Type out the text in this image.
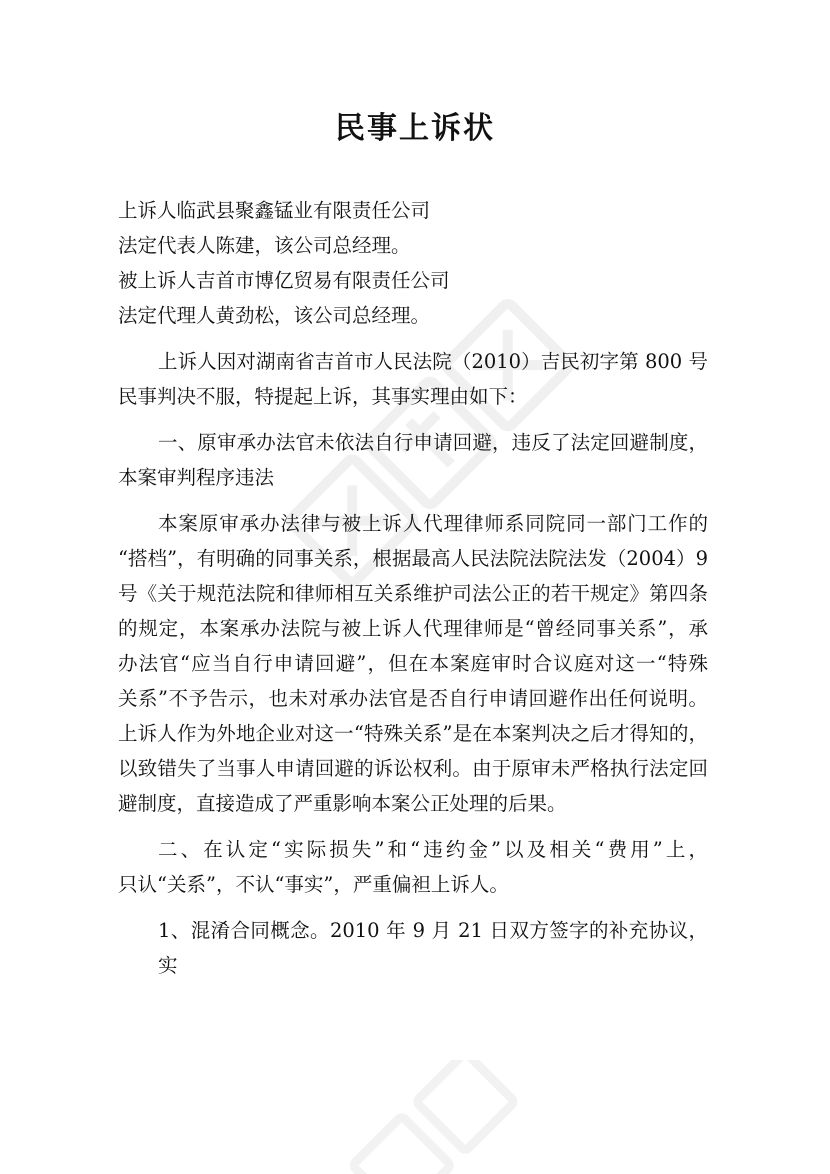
觅知网
民事上诉状

上诉人临武县聚鑫锰业有限责任公司

法定代表人陈建，该公司总经理。

被上诉人吉首市博亿贸易有限责任公司

法定代理人黄劲松，该公司总经理。

上诉人因对湖南省吉首市人民法院（2010）吉民初字第 800 号

民事判决不服，特提起上诉，其事实理由如下：

一、原审承办法官未依法自行申请回避，违反了法定回避制度，

本案审判程序违法

本案原审承办法律与被上诉人代理律师系同院同一部门工作的

“搭档”，有明确的同事关系，根据最高人民法院法院法发（2004）9

号《关于规范法院和律师相互关系维护司法公正的若干规定》第四条

的规定，本案承办法院与被上诉人代理律师是“曾经同事关系”，承

办法官“应当自行申请回避”，但在本案庭审时合议庭对这一“特殊

关系”不予告示，也未对承办法官是否自行申请回避作出任何说明。

上诉人作为外地企业对这一“特殊关系”是在本案判决之后才得知的，

以致错失了当事人申请回避的诉讼权利。由于原审未严格执行法定回

避制度，直接造成了严重影响本案公正处理的后果。

二、在认定“实际损失”和“违约金”以及相关“费用”上，

只认“关系”，不认“事实”，严重偏袒上诉人。

1、混淆合同概念。2010 年 9 月 21 日双方签字的补充协议，实
